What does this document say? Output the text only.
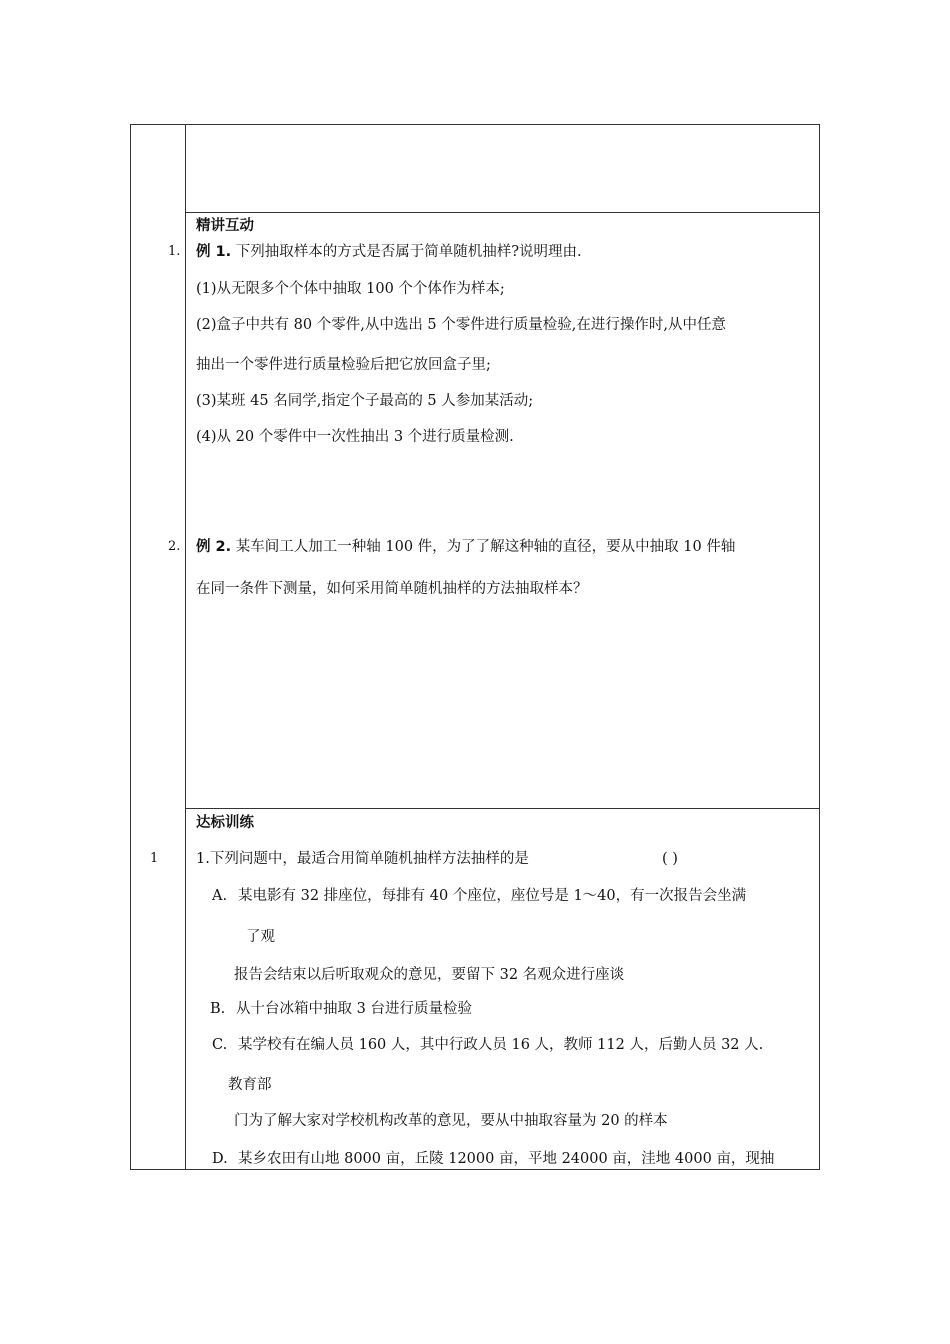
精讲互动
1. 例 1. 下列抽取样本的方式是否属于简单随机抽样?说明理由.
(1)从无限多个个体中抽取 100 个个体作为样本;
(2)盒子中共有 80 个零件,从中选出 5 个零件进行质量检验,在进行操作时,从中任意
抽出一个零件进行质量检验后把它放回盒子里;
(3)某班 45 名同学,指定个子最高的 5 人参加某活动;
(4)从 20 个零件中一次性抽出 3 个进行质量检测.
2. 例 2. 某车间工人加工一种轴 100 件，为了了解这种轴的直径，要从中抽取 10 件轴
在同一条件下测量，如何采用简单随机抽样的方法抽取样本？
达标训练
1	1.下列问题中，最适合用简单随机抽样方法抽样的是	( )
A. 某电影有 32 排座位，每排有 40 个座位，座位号是 1～40，有一次报告会坐满
了观
报告会结束以后听取观众的意见，要留下 32 名观众进行座谈
B. 从十台冰箱中抽取 3 台进行质量检验
C. 某学校有在编人员 160 人，其中行政人员 16 人，教师 112 人，后勤人员 32 人.
教育部
门为了解大家对学校机构改革的意见，要从中抽取容量为 20 的样本
D. 某乡农田有山地 8000 亩，丘陵 12000 亩，平地 24000 亩，洼地 4000 亩，现抽
